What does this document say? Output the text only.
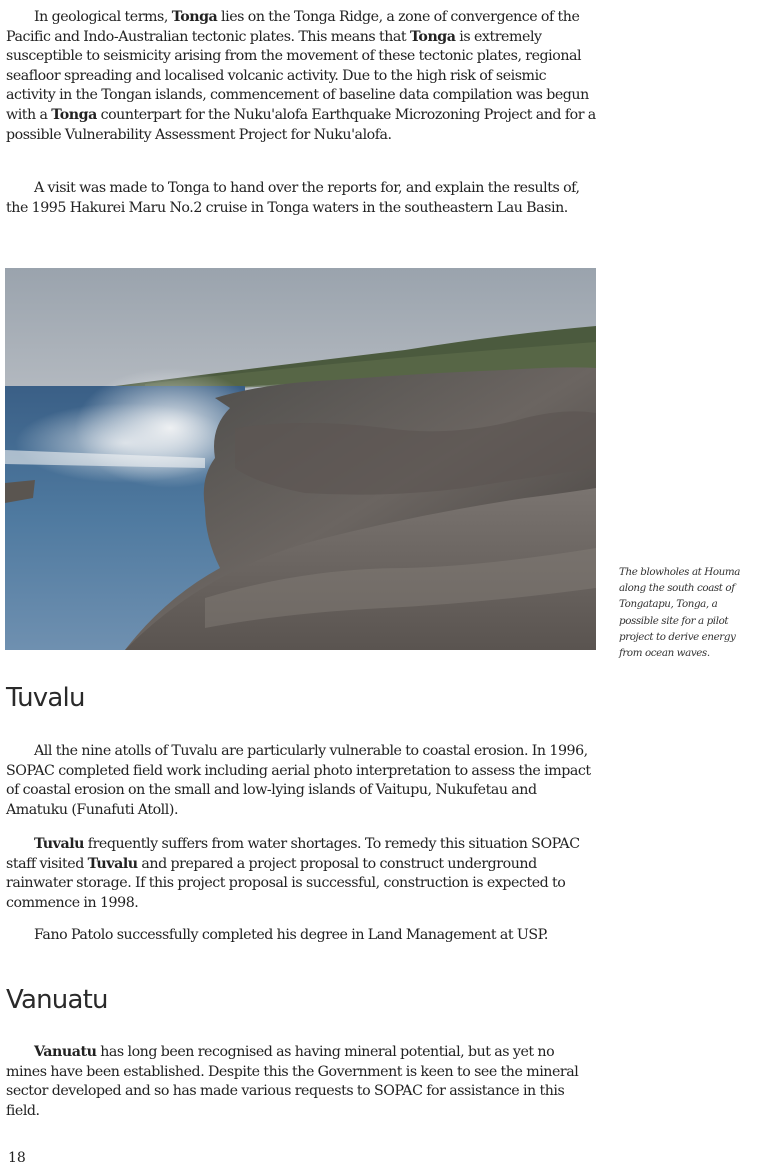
In geological terms, Tonga lies on the Tonga Ridge, a zone of convergence of the Pacific and Indo-Australian tectonic plates. This means that Tonga is extremely susceptible to seismicity arising from the movement of these tectonic plates, regional seafloor spreading and localised volcanic activity. Due to the high risk of seismic activity in the Tongan islands, commencement of baseline data compilation was begun with a Tonga counterpart for the Nuku'alofa Earthquake Microzoning Project and for a possible Vulnerability Assessment Project for Nuku'alofa.

A visit was made to Tonga to hand over the reports for, and explain the results of, the 1995 Hakurei Maru No.2 cruise in Tonga waters in the southeastern Lau Basin.

The blowholes at Houma along the south coast of Tongatapu, Tonga, a possible site for a pilot project to derive energy from ocean waves.

Tuvalu

All the nine atolls of Tuvalu are particularly vulnerable to coastal erosion. In 1996, SOPAC completed field work including aerial photo interpretation to assess the impact of coastal erosion on the small and low-lying islands of Vaitupu, Nukufetau and Amatuku (Funafuti Atoll).

Tuvalu frequently suffers from water shortages. To remedy this situation SOPAC staff visited Tuvalu and prepared a project proposal to construct underground rainwater storage. If this project proposal is successful, construction is expected to commence in 1998.

Fano Patolo successfully completed his degree in Land Management at USP.

Vanuatu

Vanuatu has long been recognised as having mineral potential, but as yet no mines have been established. Despite this the Government is keen to see the mineral sector developed and so has made various requests to SOPAC for assistance in this field.

18
